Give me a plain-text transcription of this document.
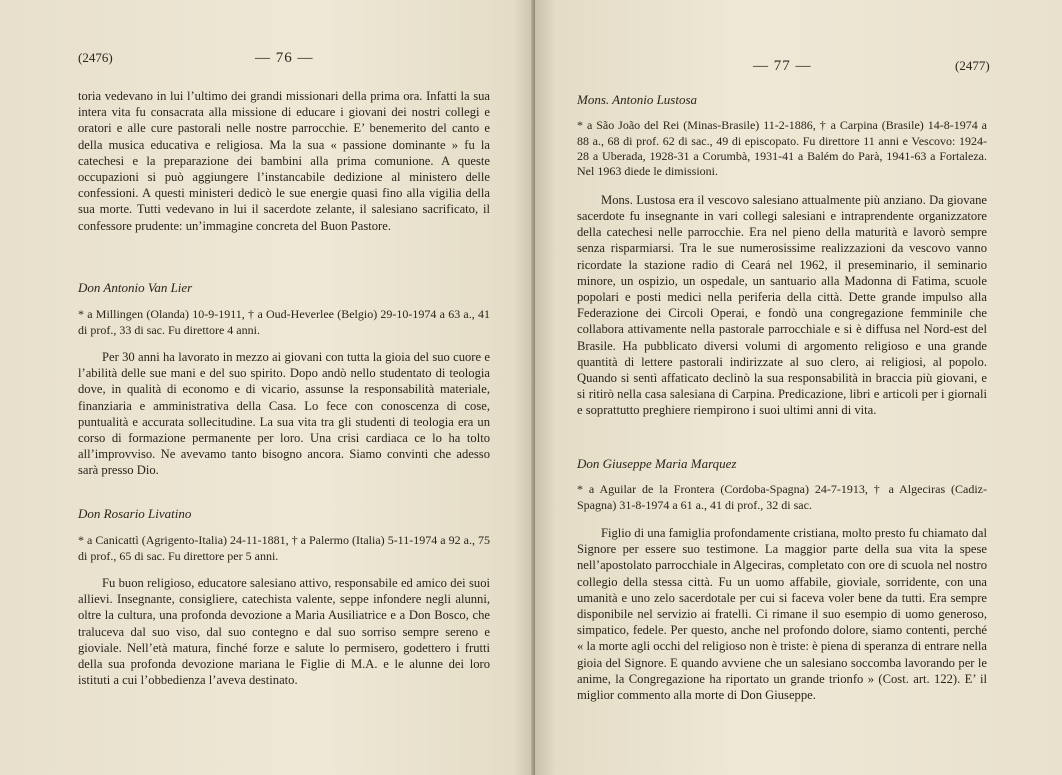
(2476)	— 76 —

toria vedevano in lui l’ultimo dei grandi missionari della prima ora. Infatti la sua intera vita fu consacrata alla missione di educare i giovani dei nostri collegi e oratori e alle cure pastorali nelle nostre parrocchie. E’ benemerito del canto e della musica educativa e religiosa. Ma la sua « passione dominante » fu la catechesi e la preparazione dei bambini alla prima comunione. A queste occupazioni si può aggiungere l’instancabile dedizione al ministero delle confessioni. A questi ministeri dedicò le sue energie quasi fino alla vigilia della sua morte. Tutti vedevano in lui il sacerdote zelante, il salesiano sacrificato, il confessore prudente: un’immagine concreta del Buon Pastore.

Don Antonio Van Lier

* a Millingen (Olanda) 10-9-1911, † a Oud-Heverlee (Belgio) 29-10-1974 a 63 a., 41 di prof., 33 di sac. Fu direttore 4 anni.

Per 30 anni ha lavorato in mezzo ai giovani con tutta la gioia del suo cuore e l’abilità delle sue mani e del suo spirito. Dopo andò nello studentato di teologia dove, in qualità di economo e di vicario, assunse la responsabilità materiale, finanziaria e amministrativa della Casa. Lo fece con conoscenza di cose, puntualità e accurata sollecitudine. La sua vita tra gli studenti di teologia era un corso di formazione permanente per loro. Una crisi cardiaca ce lo ha tolto all’improvviso. Ne avevamo tanto bisogno ancora. Siamo convinti che adesso sarà presso Dio.

Don Rosario Livatino

* a Canicattì (Agrigento-Italia) 24-11-1881, † a Palermo (Italia) 5-11-1974 a 92 a., 75 di prof., 65 di sac. Fu direttore per 5 anni.

Fu buon religioso, educatore salesiano attivo, responsabile ed amico dei suoi allievi. Insegnante, consigliere, catechista valente, seppe infondere negli alunni, oltre la cultura, una profonda devozione a Maria Ausiliatrice e a Don Bosco, che traluceva dal suo viso, dal suo contegno e dal suo sorriso sempre sereno e gioviale. Nell’età matura, finché forze e salute lo permisero, godettero i frutti della sua profonda devozione mariana le Figlie di M.A. e le alunne dei loro istituti a cui l’obbedienza l’aveva destinato.

— 77 —	(2477)

Mons. Antonio Lustosa

* a São João del Rei (Minas-Brasile) 11-2-1886, † a Carpina (Brasile) 14-8-1974 a 88 a., 68 di prof. 62 di sac., 49 di episcopato. Fu direttore 11 anni e Vescovo: 1924-28 a Uberada, 1928-31 a Corumbà, 1931-41 a Balém do Parà, 1941-63 a Fortaleza. Nel 1963 diede le dimissioni.

Mons. Lustosa era il vescovo salesiano attualmente più anziano. Da giovane sacerdote fu insegnante in vari collegi salesiani e intraprendente organizzatore della catechesi nelle parrocchie. Era nel pieno della maturità e lavorò sempre senza risparmiarsi. Tra le sue numerosissime realizzazioni da vescovo vanno ricordate la stazione radio di Ceará nel 1962, il preseminario, il seminario minore, un ospizio, un ospedale, un santuario alla Madonna di Fatima, scuole popolari e posti medici nella periferia della città. Dette grande impulso alla Federazione dei Circoli Operai, e fondò una congregazione femminile che collabora attivamente nella pastorale parrocchiale e si è diffusa nel Nord-est del Brasile. Ha pubblicato diversi volumi di argomento religioso e una grande quantità di lettere pastorali indirizzate al suo clero, ai religiosi, al popolo. Quando si sentì affaticato declinò la sua responsabilità in braccia più giovani, e si ritirò nella casa salesiana di Carpina. Predicazione, libri e articoli per i giornali e soprattutto preghiere riempirono i suoi ultimi anni di vita.

Don Giuseppe Maria Marquez

* a Aguilar de la Frontera (Cordoba-Spagna) 24-7-1913, † a Algeciras (Cadiz-Spagna) 31-8-1974 a 61 a., 41 di prof., 32 di sac.

Figlio di una famiglia profondamente cristiana, molto presto fu chiamato dal Signore per essere suo testimone. La maggior parte della sua vita la spese nell’apostolato parrocchiale in Algeciras, completato con ore di scuola nel nostro collegio della stessa città. Fu un uomo affabile, gioviale, sorridente, con una umanità e uno zelo sacerdotale per cui si faceva voler bene da tutti. Era sempre disponibile nel servizio ai fratelli. Ci rimane il suo esempio di uomo generoso, simpatico, fedele. Per questo, anche nel profondo dolore, siamo contenti, perché « la morte agli occhi del religioso non è triste: è piena di speranza di entrare nella gioia del Signore. E quando avviene che un salesiano soccomba lavorando per le anime, la Congregazione ha riportato un grande trionfo » (Cost. art. 122). E’ il miglior commento alla morte di Don Giuseppe.
